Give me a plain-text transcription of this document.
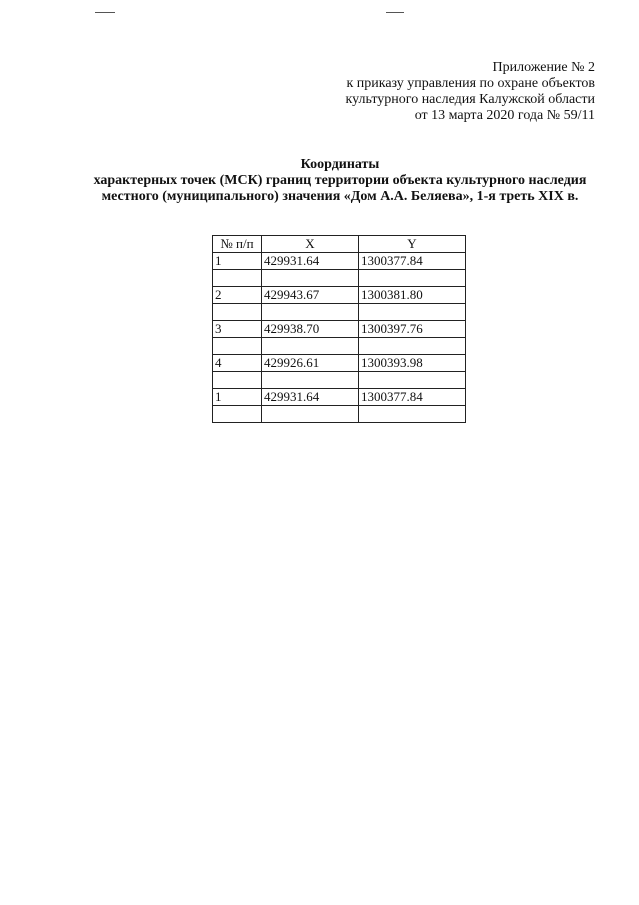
Приложение № 2
к приказу управления по охране объектов
культурного наследия Калужской области
от 13 марта 2020 года № 59/11
Координаты
характерных точек (МСК) границ территории объекта культурного наследия
местного (муниципального) значения «Дом А.А. Беляева», 1-я треть XIX в.
№ п/п	X	Y
1	429931.64	1300377.84

2	429943.67	1300381.80

3	429938.70	1300397.76

4	429926.61	1300393.98

1	429931.64	1300377.84
